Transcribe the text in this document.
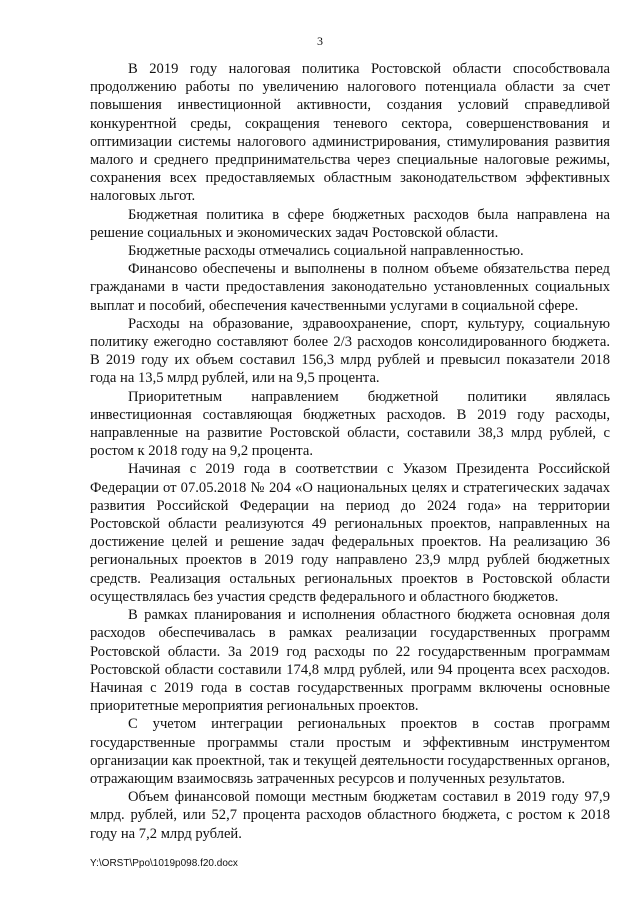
3

В 2019 году налоговая политика Ростовской области способствовала продолжению работы по увеличению налогового потенциала области за счет повышения инвестиционной активности, создания условий справедливой конкурентной среды, сокращения теневого сектора, совершенствования и оптимизации системы налогового администрирования, стимулирования развития малого и среднего предпринимательства через специальные налоговые режимы, сохранения всех предоставляемых областным законодательством эффективных налоговых льгот.

Бюджетная политика в сфере бюджетных расходов была направлена на решение социальных и экономических задач Ростовской области.

Бюджетные расходы отмечались социальной направленностью.

Финансово обеспечены и выполнены в полном объеме обязательства перед гражданами в части предоставления законодательно установленных социальных выплат и пособий, обеспечения качественными услугами в социальной сфере.

Расходы на образование, здравоохранение, спорт, культуру, социальную политику ежегодно составляют более 2/3 расходов консолидированного бюджета. В 2019 году их объем составил 156,3 млрд рублей и превысил показатели 2018 года на 13,5 млрд рублей, или на 9,5 процента.

Приоритетным направлением бюджетной политики являлась инвестиционная составляющая бюджетных расходов. В 2019 году расходы, направленные на развитие Ростовской области, составили 38,3 млрд рублей, с ростом к 2018 году на 9,2 процента.

Начиная с 2019 года в соответствии с Указом Президента Российской Федерации от 07.05.2018 № 204 «О национальных целях и стратегических задачах развития Российской Федерации на период до 2024 года» на территории Ростовской области реализуются 49 региональных проектов, направленных на достижение целей и решение задач федеральных проектов. На реализацию 36 региональных проектов в 2019 году направлено 23,9 млрд рублей бюджетных средств. Реализация остальных региональных проектов в Ростовской области осуществлялась без участия средств федерального и областного бюджетов.

В рамках планирования и исполнения областного бюджета основная доля расходов обеспечивалась в рамках реализации государственных программ Ростовской области. За 2019 год расходы по 22 государственным программам Ростовской области составили 174,8 млрд рублей, или 94 процента всех расходов. Начиная с 2019 года в состав государственных программ включены основные приоритетные мероприятия региональных проектов.

С учетом интеграции региональных проектов в состав программ государственные программы стали простым и эффективным инструментом организации как проектной, так и текущей деятельности государственных органов, отражающим взаимосвязь затраченных ресурсов и полученных результатов.

Объем финансовой помощи местным бюджетам составил в 2019 году 97,9 млрд. рублей, или 52,7 процента расходов областного бюджета, с ростом к 2018 году на 7,2 млрд рублей.

Y:\ORST\Ppo\1019p098.f20.docx
